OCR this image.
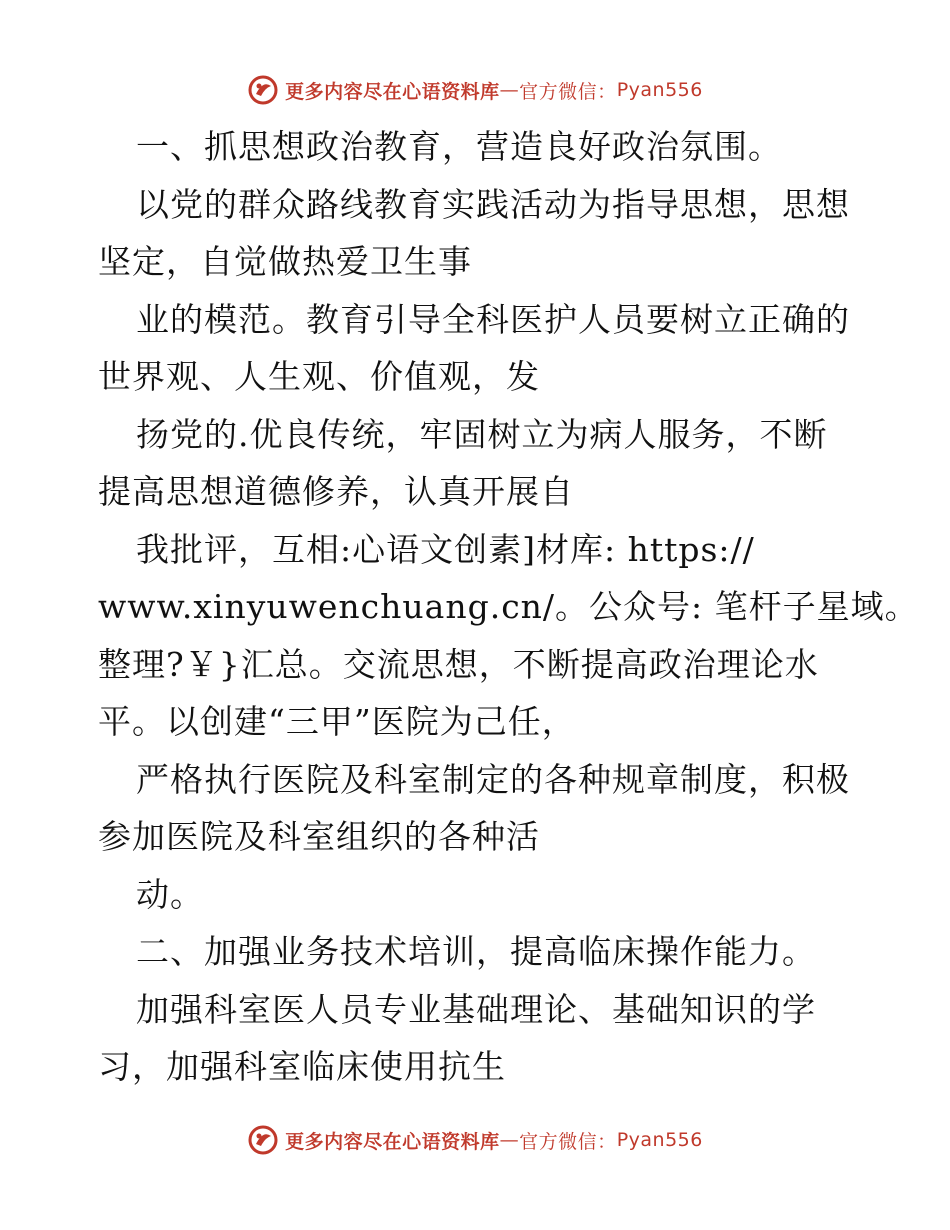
更多内容尽在心语资料库 — 官方微信： Pyan556
一、抓思想政治教育，营造良好政治氛围。
以党的群众路线教育实践活动为指导思想，思想
坚定，自觉做热爱卫生事
业的模范。教育引导全科医护人员要树立正确的
世界观、人生观、价值观，发
扬党的.优良传统，牢固树立为病人服务，不断
提高思想道德修养，认真开展自
我批评，互相:心语文创素]材库: https://
www.xinyuwenchuang.cn/。公众号: 笔杆子星域。
整理?￥}汇总。交流思想，不断提高政治理论水
平。以创建“三甲”医院为己任，
严格执行医院及科室制定的各种规章制度，积极
参加医院及科室组织的各种活
动。
二、加强业务技术培训，提高临床操作能力。
加强科室医人员专业基础理论、基础知识的学
习，加强科室临床使用抗生
更多内容尽在心语资料库 — 官方微信： Pyan556
